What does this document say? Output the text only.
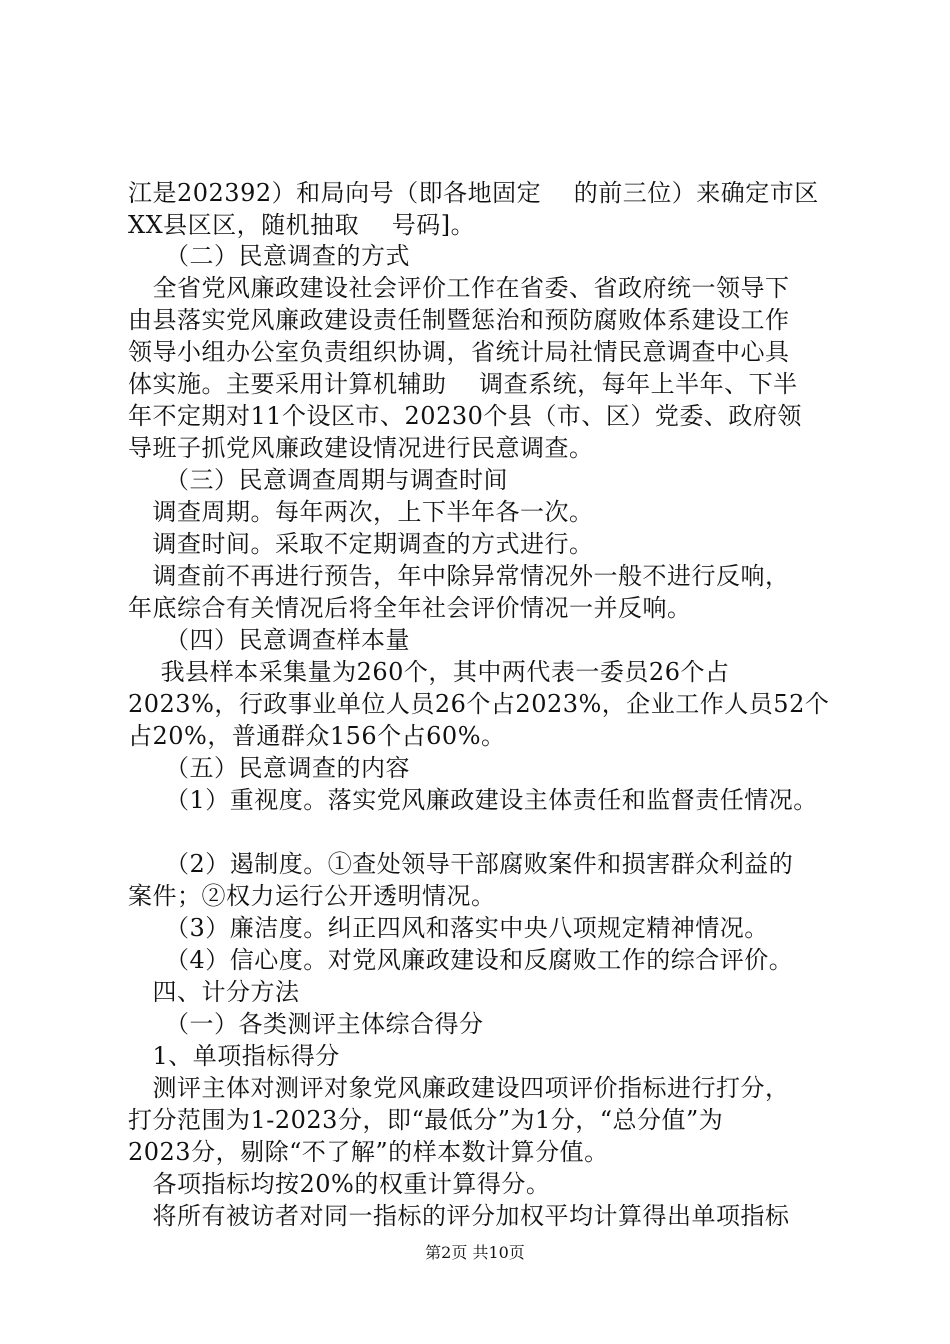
江是202392）和局向号（即各地固定　 的前三位）来确定市区
XX县区区，随机抽取　 号码]。
　　（二）民意调查的方式
　全省党风廉政建设社会评价工作在省委、省政府统一领导下
由县落实党风廉政建设责任制暨惩治和预防腐败体系建设工作
领导小组办公室负责组织协调，省统计局社情民意调查中心具
体实施。主要采用计算机辅助　 调查系统，每年上半年、下半
年不定期对11个设区市、20230个县（市、区）党委、政府领
导班子抓党风廉政建设情况进行民意调查。
　　（三）民意调查周期与调查时间
　调查周期。每年两次，上下半年各一次。
　调查时间。采取不定期调查的方式进行。
　调查前不再进行预告，年中除异常情况外一般不进行反响，
年底综合有关情况后将全年社会评价情况一并反响。
　　（四）民意调查样本量
　 我县样本采集量为260个，其中两代表一委员26个占
2023%，行政事业单位人员26个占2023%，企业工作人员52个
占20%，普通群众156个占60%。
　　（五）民意调查的内容
　　（1）重视度。落实党风廉政建设主体责任和监督责任情况。
　　（2）遏制度。①查处领导干部腐败案件和损害群众利益的
案件；②权力运行公开透明情况。
　　（3）廉洁度。纠正四风和落实中央八项规定精神情况。
　　（4）信心度。对党风廉政建设和反腐败工作的综合评价。
　四、计分方法
　　（一）各类测评主体综合得分
　1、单项指标得分
　测评主体对测评对象党风廉政建设四项评价指标进行打分，
打分范围为1-2023分，即“最低分”为1分，“总分值”为
2023分，剔除“不了解”的样本数计算分值。
　各项指标均按20%的权重计算得分。
　将所有被访者对同一指标的评分加权平均计算得出单项指标
第2页 共10页
